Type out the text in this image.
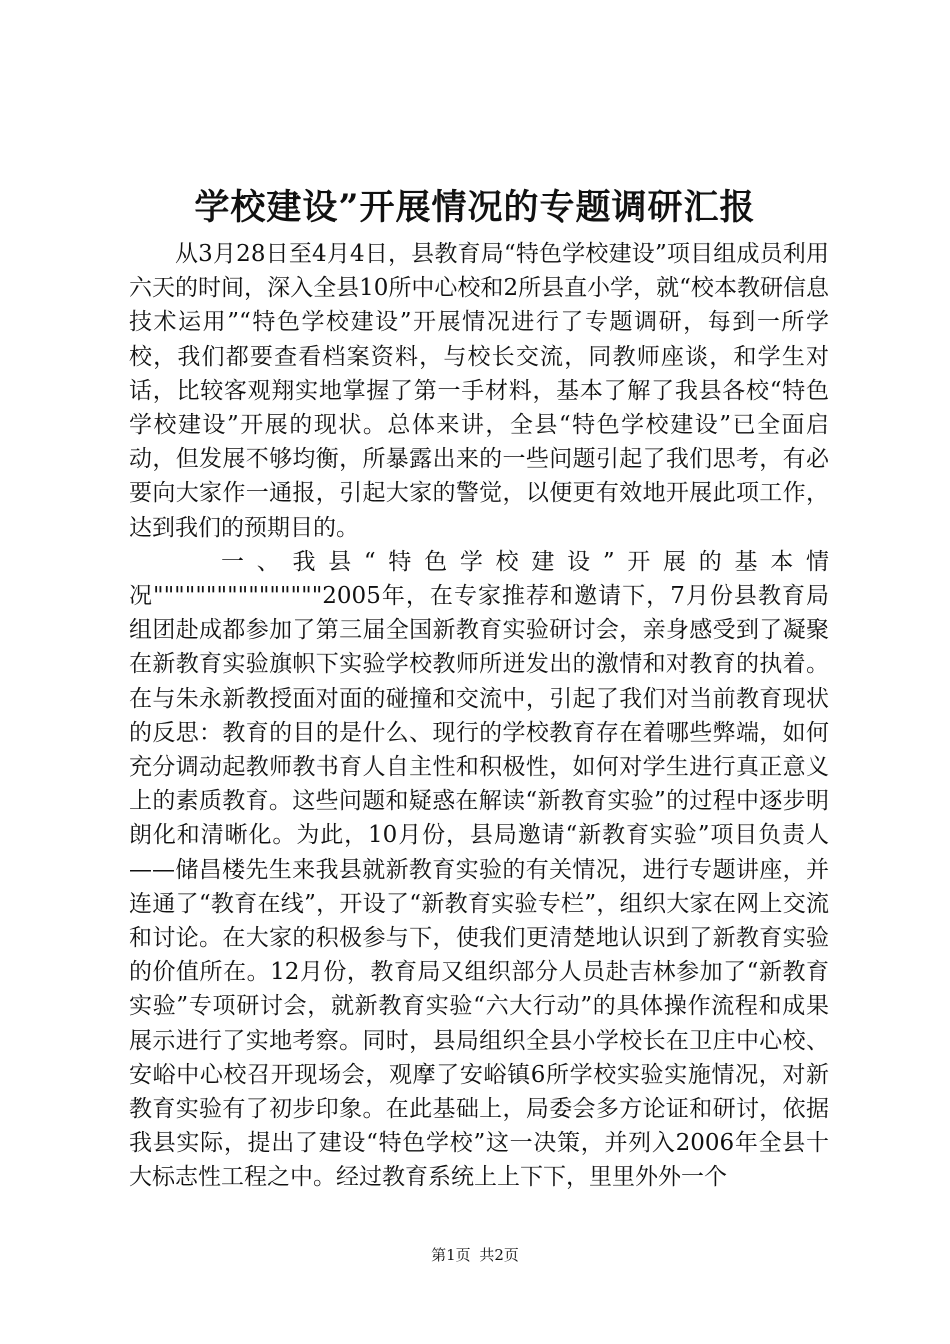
学校建设”开展情况的专题调研汇报

从3月28日至4月4日，县教育局“特色学校建设”项目组成员利用六天的时间，深入全县10所中心校和2所县直小学，就“校本教研信息技术运用”“特色学校建设”开展情况进行了专题调研，每到一所学校，我们都要查看档案资料，与校长交流，同教师座谈，和学生对话，比较客观翔实地掌握了第一手材料，基本了解了我县各校“特色学校建设”开展的现状。总体来讲，全县“特色学校建设”已全面启动，但发展不够均衡，所暴露出来的一些问题引起了我们思考，有必要向大家作一通报，引起大家的警觉，以便更有效地开展此项工作，达到我们的预期目的。

一、我县“特色学校建设”开展的基本情况""""""""""""""""2005年，在专家推荐和邀请下，7月份县教育局组团赴成都参加了第三届全国新教育实验研讨会，亲身感受到了凝聚在新教育实验旗帜下实验学校教师所迸发出的激情和对教育的执着。在与朱永新教授面对面的碰撞和交流中，引起了我们对当前教育现状的反思：教育的目的是什么、现行的学校教育存在着哪些弊端，如何充分调动起教师教书育人自主性和积极性，如何对学生进行真正意义上的素质教育。这些问题和疑惑在解读“新教育实验”的过程中逐步明朗化和清晰化。为此，10月份，县局邀请“新教育实验”项目负责人——储昌楼先生来我县就新教育实验的有关情况，进行专题讲座，并连通了“教育在线”，开设了“新教育实验专栏”，组织大家在网上交流和讨论。在大家的积极参与下，使我们更清楚地认识到了新教育实验的价值所在。12月份，教育局又组织部分人员赴吉林参加了“新教育实验”专项研讨会，就新教育实验“六大行动”的具体操作流程和成果展示进行了实地考察。同时，县局组织全县小学校长在卫庄中心校、安峪中心校召开现场会，观摩了安峪镇6所学校实验实施情况，对新教育实验有了初步印象。在此基础上，局委会多方论证和研讨，依据我县实际，提出了建设“特色学校”这一决策，并列入2006年全县十大标志性工程之中。经过教育系统上上下下，里里外外一个

第1页 共2页
